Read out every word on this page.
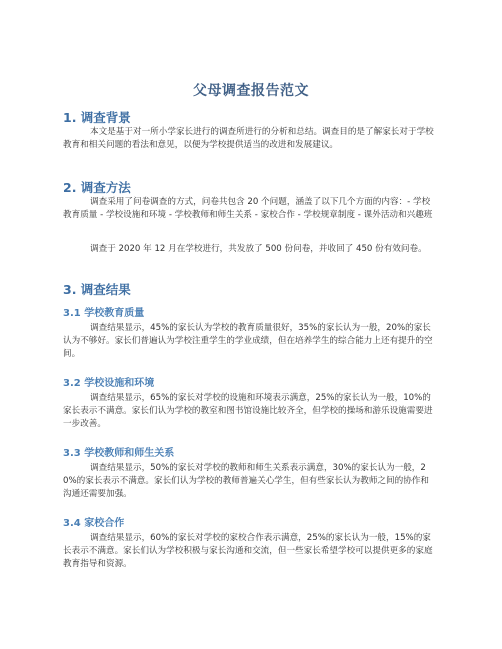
父母调查报告范文
1. 调查背景
本文是基于对一所小学家长进行的调查所进行的分析和总结。调查目的是了解家长对于学校教育和相关问题的看法和意见，以便为学校提供适当的改进和发展建议。
2. 调查方法
调查采用了问卷调查的方式，问卷共包含 20 个问题，涵盖了以下几个方面的内容：- 学校教育质量 - 学校设施和环境 - 学校教师和师生关系 - 家校合作 - 学校规章制度 - 课外活动和兴趣班
调查于 2020 年 12 月在学校进行，共发放了 500 份问卷，并收回了 450 份有效问卷。
3. 调查结果
3.1 学校教育质量
调查结果显示，45%的家长认为学校的教育质量很好，35%的家长认为一般，20%的家长认为不够好。家长们普遍认为学校注重学生的学业成绩，但在培养学生的综合能力上还有提升的空间。
3.2 学校设施和环境
调查结果显示，65%的家长对学校的设施和环境表示满意，25%的家长认为一般，10%的家长表示不满意。家长们认为学校的教室和图书馆设施比较齐全，但学校的操场和游乐设施需要进一步改善。
3.3 学校教师和师生关系
调查结果显示，50%的家长对学校的教师和师生关系表示满意，30%的家长认为一般，20%的家长表示不满意。家长们认为学校的教师普遍关心学生，但有些家长认为教师之间的协作和沟通还需要加强。
3.4 家校合作
调查结果显示，60%的家长对学校的家校合作表示满意，25%的家长认为一般，15%的家长表示不满意。家长们认为学校积极与家长沟通和交流，但一些家长希望学校可以提供更多的家庭教育指导和资源。
